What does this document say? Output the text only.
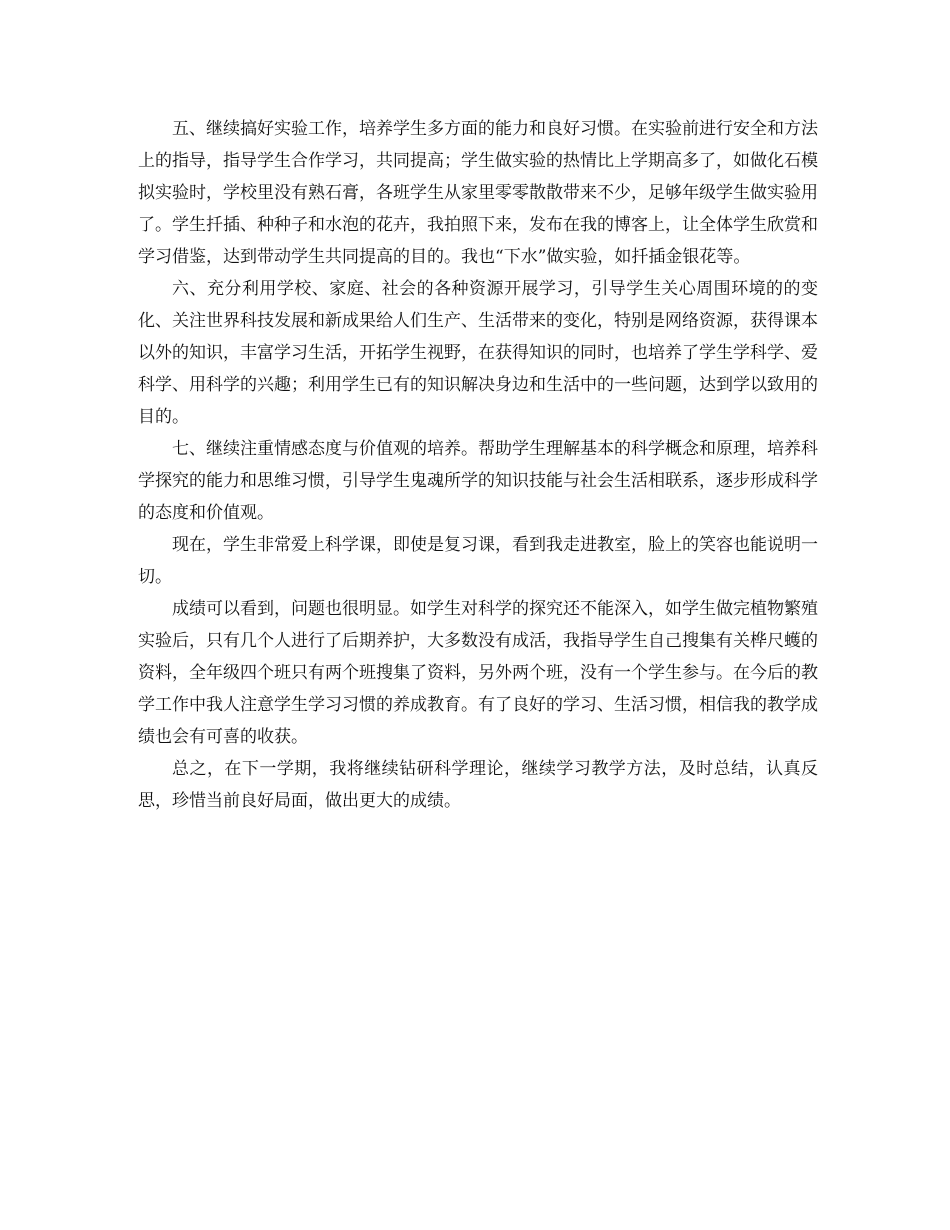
五、继续搞好实验工作，培养学生多方面的能力和良好习惯。在实验前进行安全和方法上的指导，指导学生合作学习，共同提高；学生做实验的热情比上学期高多了，如做化石模拟实验时，学校里没有熟石膏，各班学生从家里零零散散带来不少，足够年级学生做实验用了。学生扦插、种种子和水泡的花卉，我拍照下来，发布在我的博客上，让全体学生欣赏和学习借鉴，达到带动学生共同提高的目的。我也“下水”做实验，如扦插金银花等。

六、充分利用学校、家庭、社会的各种资源开展学习，引导学生关心周围环境的的变化、关注世界科技发展和新成果给人们生产、生活带来的变化，特别是网络资源，获得课本以外的知识，丰富学习生活，开拓学生视野，在获得知识的同时，也培养了学生学科学、爱科学、用科学的兴趣；利用学生已有的知识解决身边和生活中的一些问题，达到学以致用的目的。

七、继续注重情感态度与价值观的培养。帮助学生理解基本的科学概念和原理，培养科学探究的能力和思维习惯，引导学生鬼魂所学的知识技能与社会生活相联系，逐步形成科学的态度和价值观。

现在，学生非常爱上科学课，即使是复习课，看到我走进教室，脸上的笑容也能说明一切。

成绩可以看到，问题也很明显。如学生对科学的探究还不能深入，如学生做完植物繁殖实验后，只有几个人进行了后期养护，大多数没有成活，我指导学生自己搜集有关桦尺蠖的资料，全年级四个班只有两个班搜集了资料，另外两个班，没有一个学生参与。在今后的教学工作中我人注意学生学习习惯的养成教育。有了良好的学习、生活习惯，相信我的教学成绩也会有可喜的收获。

总之，在下一学期，我将继续钻研科学理论，继续学习教学方法，及时总结，认真反思，珍惜当前良好局面，做出更大的成绩。
